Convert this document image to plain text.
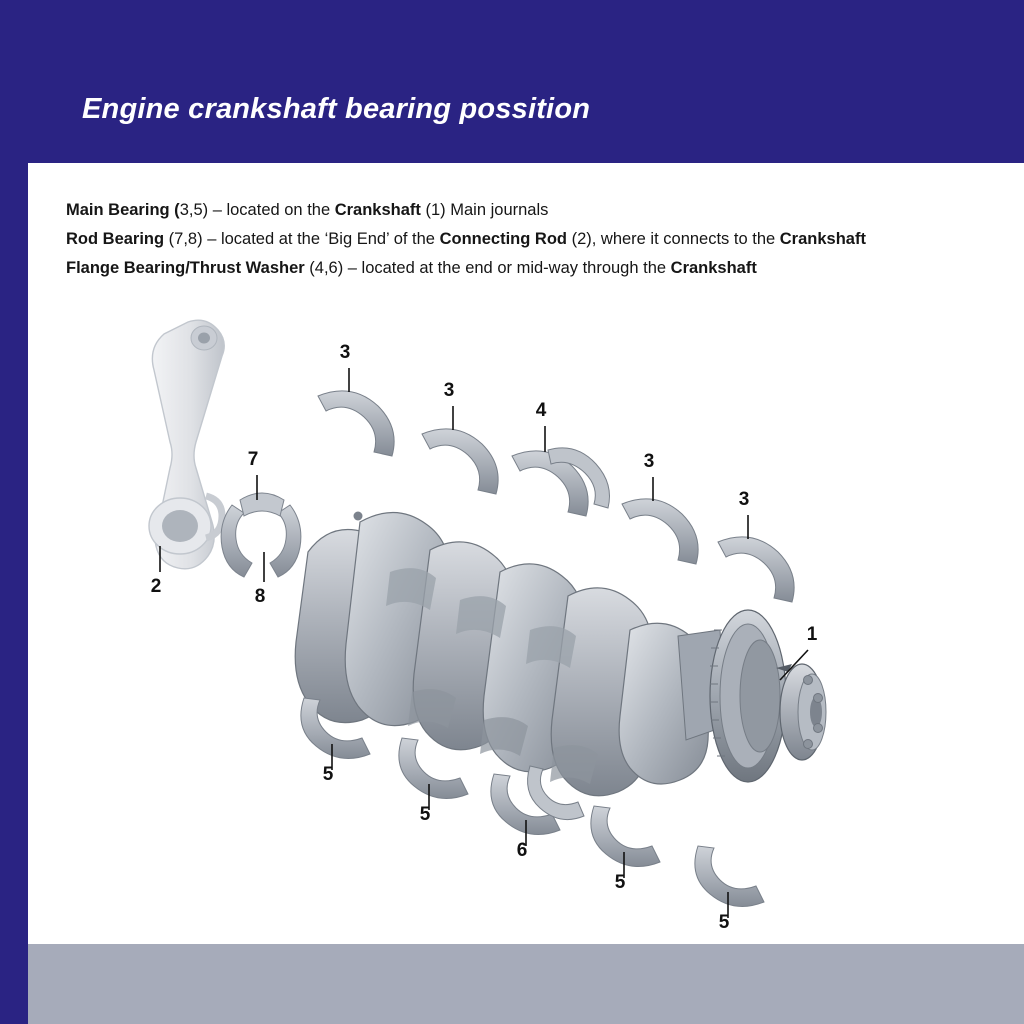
Engine crankshaft bearing possition
Main Bearing (3,5) – located on the Crankshaft (1) Main journals
Rod Bearing (7,8) – located at the ‘Big End’ of the Connecting Rod (2), where it connects to the Crankshaft
Flange Bearing/Thrust Washer (4,6) – located at the end or mid-way through the Crankshaft
2
7
8
3
3
4
3
3
1
5
5
6
5
5
